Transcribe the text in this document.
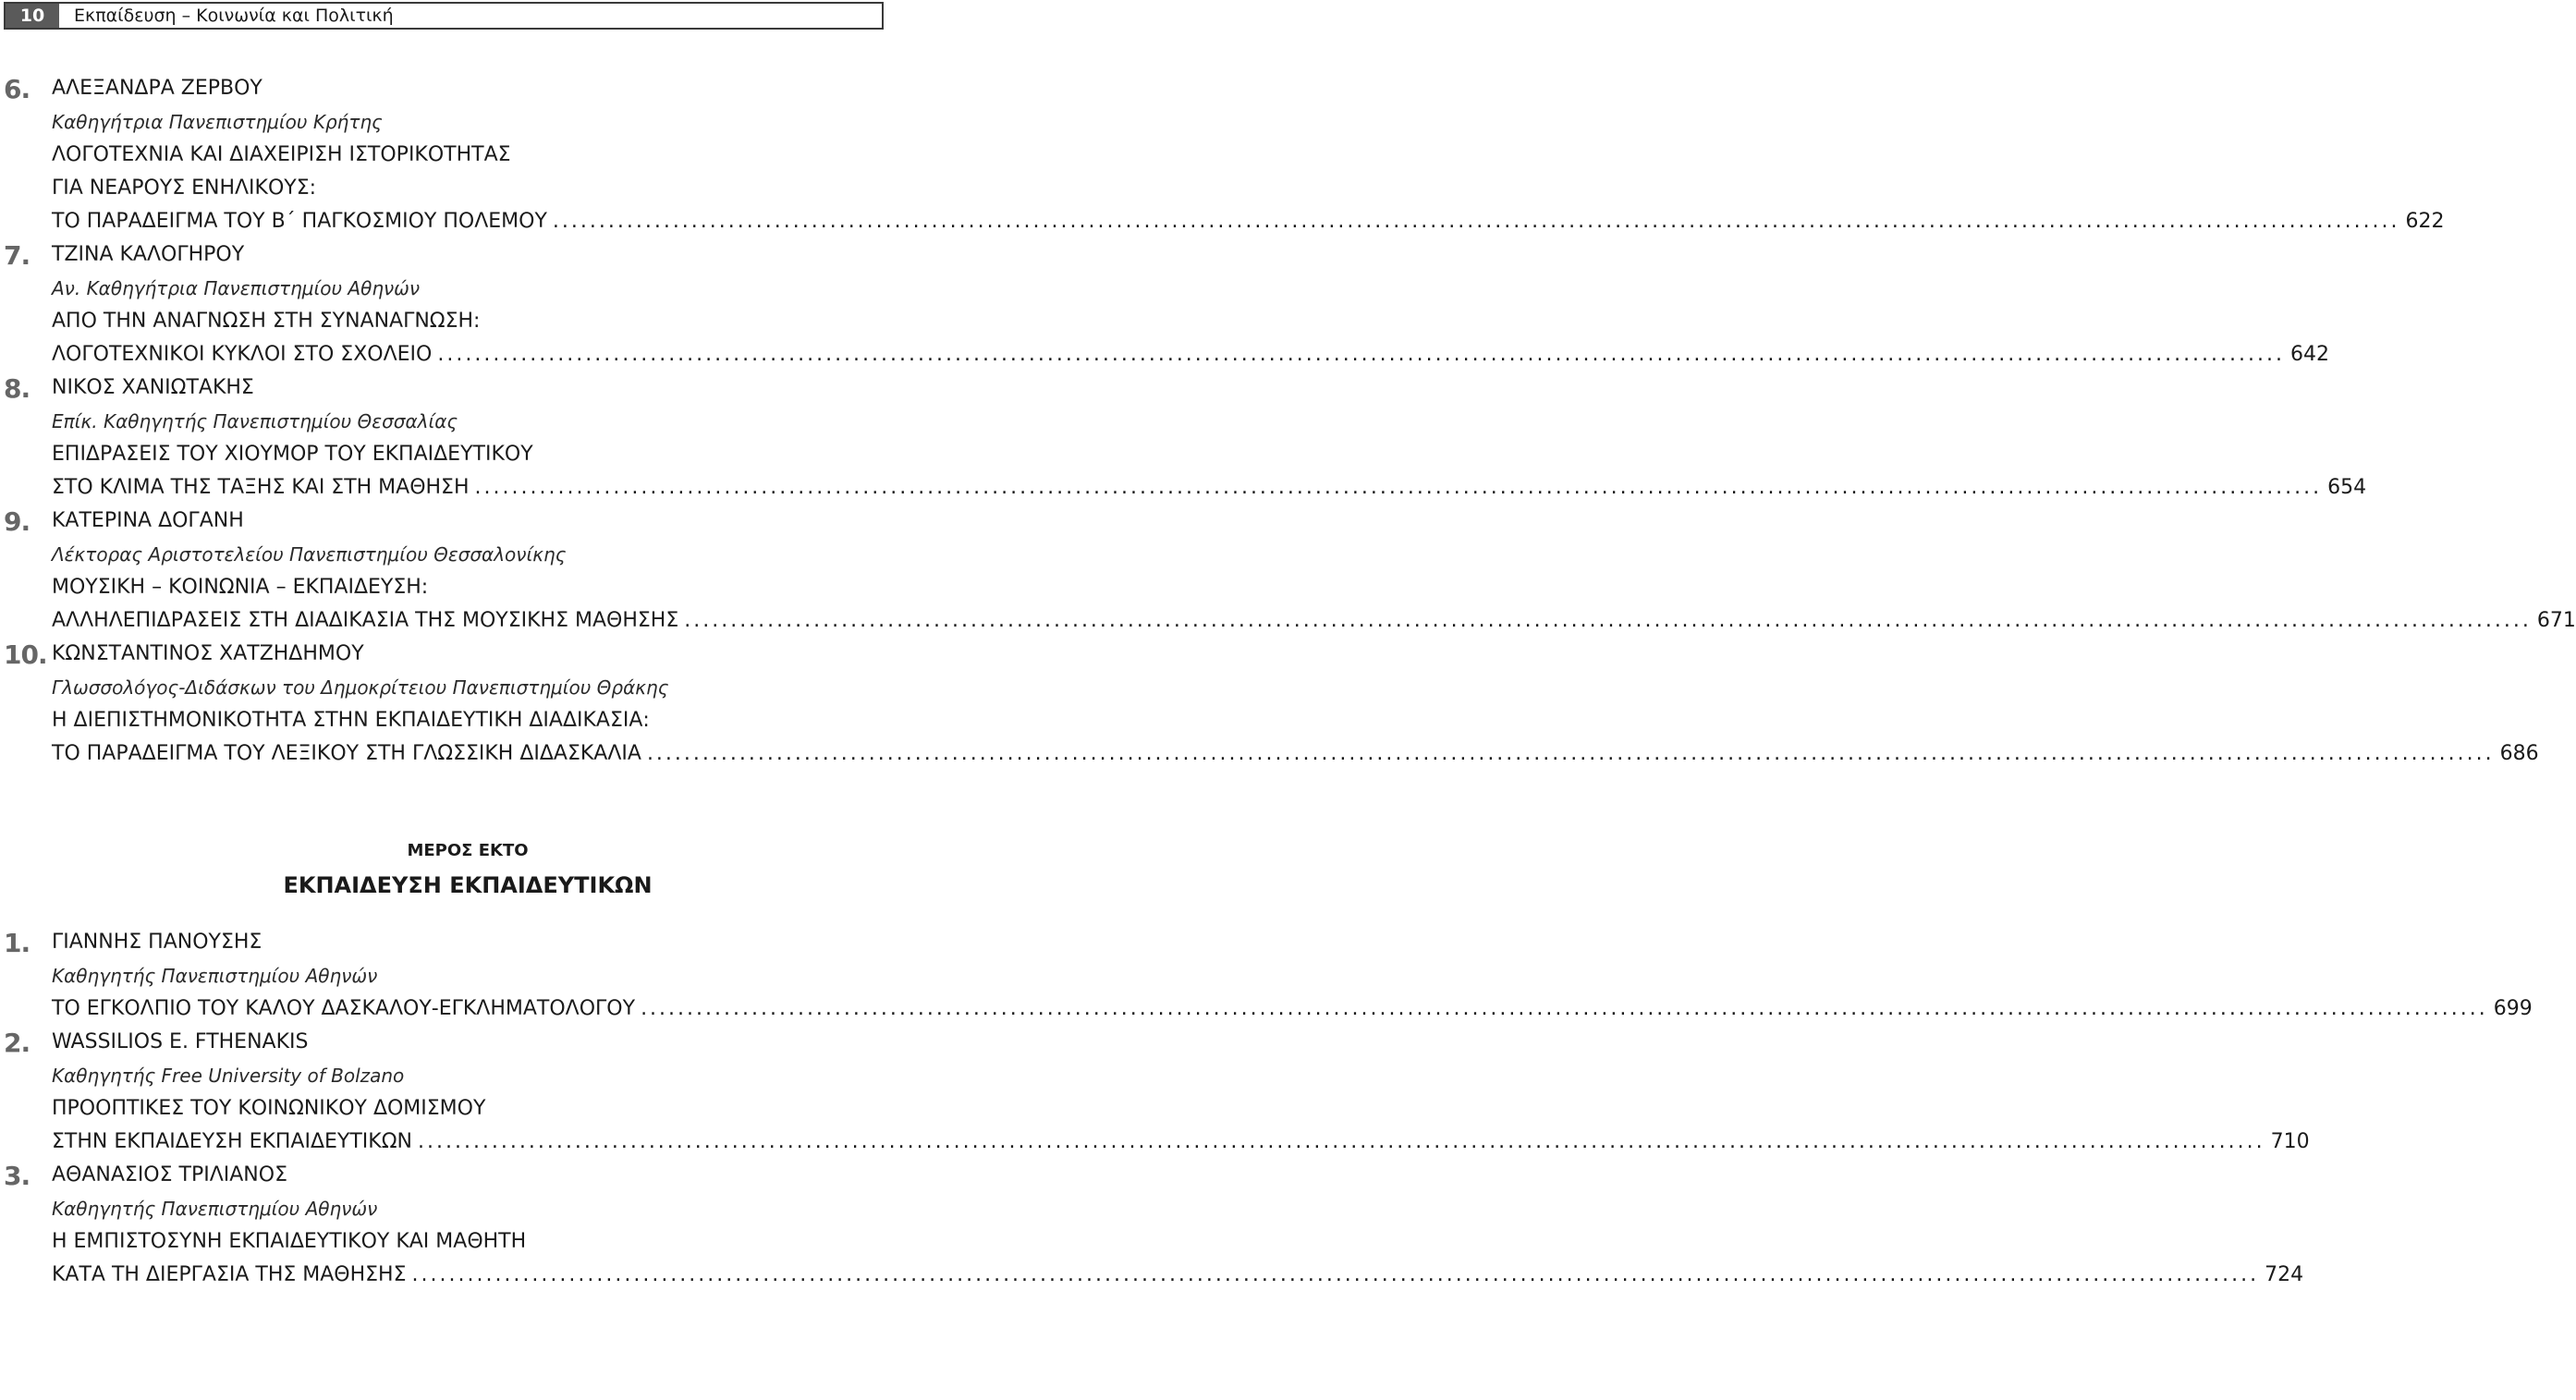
10	Εκπαίδευση – Κοινωνία και Πολιτική
6. ΑΛΕΞΑΝΔΡΑ ΖΕΡΒΟΥ
Καθηγήτρια Πανεπιστημίου Κρήτης
ΛΟΓΟΤΕΧΝΙΑ ΚΑΙ ΔΙΑΧΕΙΡΙΣΗ ΙΣΤΟΡΙΚΟΤΗΤΑΣ
ΓΙΑ ΝΕΑΡΟΥΣ ΕΝΗΛΙΚΟΥΣ:
ΤΟ ΠΑΡΑΔΕΙΓΜΑ ΤΟΥ Β΄ ΠΑΓΚΟΣΜΙΟΥ ΠΟΛΕΜΟΥ ........................................................................................................................................................................................................ 622
7. ΤΖΙΝΑ ΚΑΛΟΓΗΡΟΥ
Αν. Καθηγήτρια Πανεπιστημίου Αθηνών
ΑΠΟ ΤΗΝ ΑΝΑΓΝΩΣΗ ΣΤΗ ΣΥΝΑΝΑΓΝΩΣΗ:
ΛΟΓΟΤΕΧΝΙΚΟΙ ΚΥΚΛΟΙ ΣΤΟ ΣΧΟΛΕΙΟ ........................................................................................................................................................................................................ 642
8. ΝΙΚΟΣ ΧΑΝΙΩΤΑΚΗΣ
Επίκ. Καθηγητής Πανεπιστημίου Θεσσαλίας
ΕΠΙΔΡΑΣΕΙΣ ΤΟΥ ΧΙΟΥΜΟΡ ΤΟΥ ΕΚΠΑΙΔΕΥΤΙΚΟΥ
ΣΤΟ ΚΛΙΜΑ ΤΗΣ ΤΑΞΗΣ ΚΑΙ ΣΤΗ ΜΑΘΗΣΗ ........................................................................................................................................................................................................ 654
9. ΚΑΤΕΡΙΝΑ ΔΟΓΑΝΗ
Λέκτορας Αριστοτελείου Πανεπιστημίου Θεσσαλονίκης
ΜΟΥΣΙΚΗ – ΚΟΙΝΩΝΙΑ – ΕΚΠΑΙΔΕΥΣΗ:
ΑΛΛΗΛΕΠΙΔΡΑΣΕΙΣ ΣΤΗ ΔΙΑΔΙΚΑΣΙΑ ΤΗΣ ΜΟΥΣΙΚΗΣ ΜΑΘΗΣΗΣ ........................................................................................................................................................................................................ 671
10. ΚΩΝΣΤΑΝΤΙΝΟΣ ΧΑΤΖΗΔΗΜΟΥ
Γλωσσολόγος-Διδάσκων του Δημοκρίτειου Πανεπιστημίου Θράκης
Η ΔΙΕΠΙΣΤΗΜΟΝΙΚΟΤΗΤΑ ΣΤΗΝ ΕΚΠΑΙΔΕΥΤΙΚΗ ΔΙΑΔΙΚΑΣΙΑ:
ΤΟ ΠΑΡΑΔΕΙΓΜΑ ΤΟΥ ΛΕΞΙΚΟΥ ΣΤΗ ΓΛΩΣΣΙΚΗ ΔΙΔΑΣΚΑΛΙΑ ........................................................................................................................................................................................................ 686
ΜΕΡΟΣ ΕΚΤΟ
ΕΚΠΑΙΔΕΥΣΗ ΕΚΠΑΙΔΕΥΤΙΚΩΝ
1. ΓΙΑΝΝΗΣ ΠΑΝΟΥΣΗΣ
Καθηγητής Πανεπιστημίου Αθηνών
ΤΟ ΕΓΚΟΛΠΙΟ ΤΟΥ ΚΑΛΟΥ ΔΑΣΚΑΛΟΥ-ΕΓΚΛΗΜΑΤΟΛΟΓΟΥ ........................................................................................................................................................................................................ 699
2. WASSILIOS E. FTHENAKIS
Καθηγητής Free University of Bolzano
ΠΡΟΟΠΤΙΚΕΣ ΤΟΥ ΚΟΙΝΩΝΙΚΟΥ ΔΟΜΙΣΜΟΥ
ΣΤΗΝ ΕΚΠΑΙΔΕΥΣΗ ΕΚΠΑΙΔΕΥΤΙΚΩΝ ........................................................................................................................................................................................................ 710
3. ΑΘΑΝΑΣΙΟΣ ΤΡΙΛΙΑΝΟΣ
Καθηγητής Πανεπιστημίου Αθηνών
Η ΕΜΠΙΣΤΟΣΥΝΗ ΕΚΠΑΙΔΕΥΤΙΚΟΥ ΚΑΙ ΜΑΘΗΤΗ
ΚΑΤΑ ΤΗ ΔΙΕΡΓΑΣΙΑ ΤΗΣ ΜΑΘΗΣΗΣ ........................................................................................................................................................................................................ 724
